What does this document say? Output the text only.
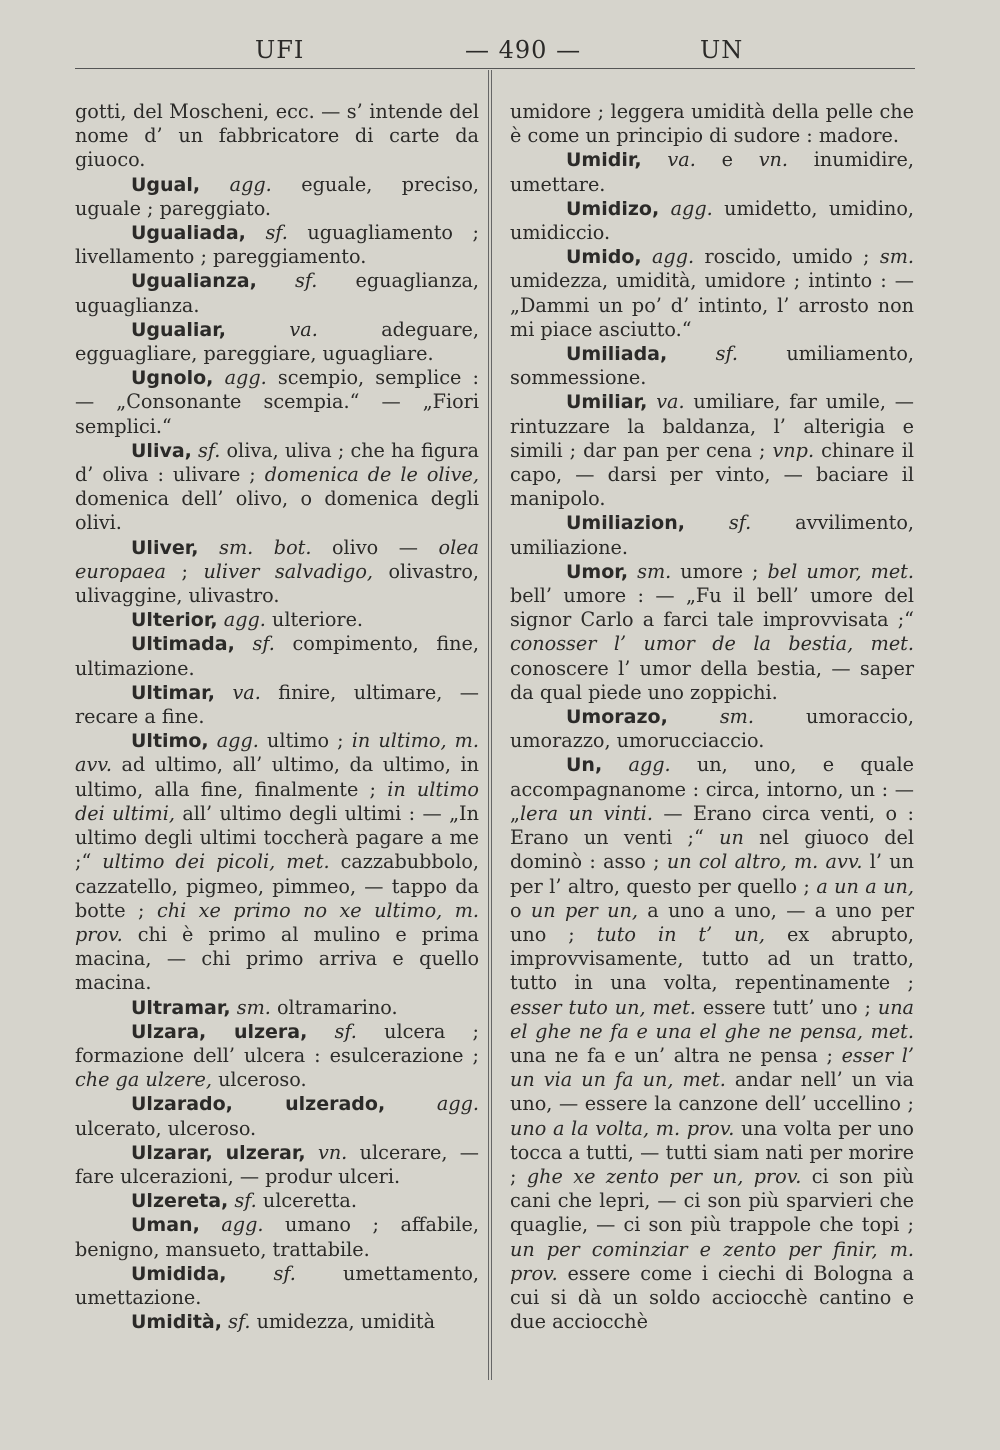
UFI	— 490 —	UN

gotti, del Moscheni, ecc. — s’ intende del nome d’ un fabbricatore di carte da giuoco.

Ugual, agg. eguale, preciso, uguale ; pareggiato.

Ugualiada, sf. uguagliamento ; livellamento ; pareggiamento.

Ugualianza, sf. eguaglianza, uguaglianza.

Ugualiar,	va. adeguare, egguagliare, pareggiare, uguagliare.

Ugnolo, agg. scempio, semplice : — „Consonante scempia.“ — „Fiori semplici.“

Uliva, sf. oliva, uliva ; che ha figura d’ oliva : ulivare ; domenica de le olive, domenica dell’ olivo, o domenica degli olivi.

Uliver, sm. bot. olivo — olea europaea ; uliver salvadigo, olivastro, ulivaggine, ulivastro.

Ulterior, agg. ulteriore.

Ultimada, sf. compimento, fine, ultimazione.

Ultimar, va. finire, ultimare, — recare a fine.

Ultimo, agg. ultimo ; in ultimo, m. avv. ad ultimo, all’ ultimo, da ultimo, in ultimo, alla fine, finalmente ; in ultimo dei ultimi, all’ ultimo degli ultimi : — „In ultimo degli ultimi toccherà pagare a me ;“ ultimo dei picoli, met. cazzabubbolo, cazzatello, pigmeo, pimmeo, — tappo da botte ; chi xe primo no xe ultimo, m. prov. chi è primo al mulino e prima macina, — chi primo arriva e quello macina.

Ultramar, sm. oltramarino.

Ulzara, ulzera, sf. ulcera ; formazione dell’ ulcera : esulcerazione ; che ga ulzere, ulceroso.

Ulzarado, ulzerado,	agg. ulcerato, ulceroso.

Ulzarar, ulzerar, vn. ulcerare, — fare ulcerazioni, — produr ulceri.

Ulzereta, sf. ulceretta.

Uman, agg. umano ; affabile, benigno, mansueto, trattabile.

Umidida, sf. umettamento, umettazione.

Umidità, sf. umidezza, umidità

umidore ; leggera umidità della pelle che è come un principio di sudore : madore.

Umidir, va. e vn. inumidire, umettare.

Umidizo, agg. umidetto, umidino, umidiccio.

Umido, agg. roscido, umido ; sm. umidezza, umidità, umidore ; intinto : — „Dammi un po’ d’ intinto, l’ arrosto non mi piace asciutto.“

Umiliada,	sf. umiliamento, sommessione.

Umiliar, va. umiliare, far umile, — rintuzzare la baldanza, l’ alterigia e simili ; dar pan per cena ; vnp. chinare il capo, — darsi per vinto, — baciare il manipolo.

Umiliazion, sf. avvilimento, umiliazione.

Umor, sm. umore ; bel umor, met. bell’ umore : — „Fu il bell’ umore del signor Carlo a farci tale improvvisata ;“ conosser l’ umor de la bestia, met. conoscere l’ umor della bestia, — saper da qual piede uno zoppichi.

Umorazo,	sm. umoraccio, umorazzo, umorucciaccio.

Un, agg. un, uno, e quale accompagnanome : circa, intorno, un : — „lera un vinti. — Erano circa venti, o : Erano un venti ;“ un nel giuoco del dominò : asso ; un col altro, m. avv. l’ un per l’ altro, questo per quello ; a un a un, o un per un, a uno a uno, — a uno per uno ; tuto in t’ un, ex abrupto, improvvisamente, tutto ad un tratto, tutto in una volta, repentinamente ; esser tuto un, met. essere tutt’ uno ; una el ghe ne fa e una el ghe ne pensa, met. una ne fa e un’ altra ne pensa ; esser l’ un via un fa un, met. andar nell’ un via uno, — essere la canzone dell’ uccellino ; uno a la volta, m. prov. una volta per uno tocca a tutti, — tutti siam nati per morire ; ghe xe zento per un, prov. ci son più cani che lepri, — ci son più sparvieri che quaglie, — ci son più trappole che topi ; un per cominziar e zento per finir, m. prov. essere come i ciechi di Bologna a cui si dà un soldo acciocchè cantino e due acciocchè
